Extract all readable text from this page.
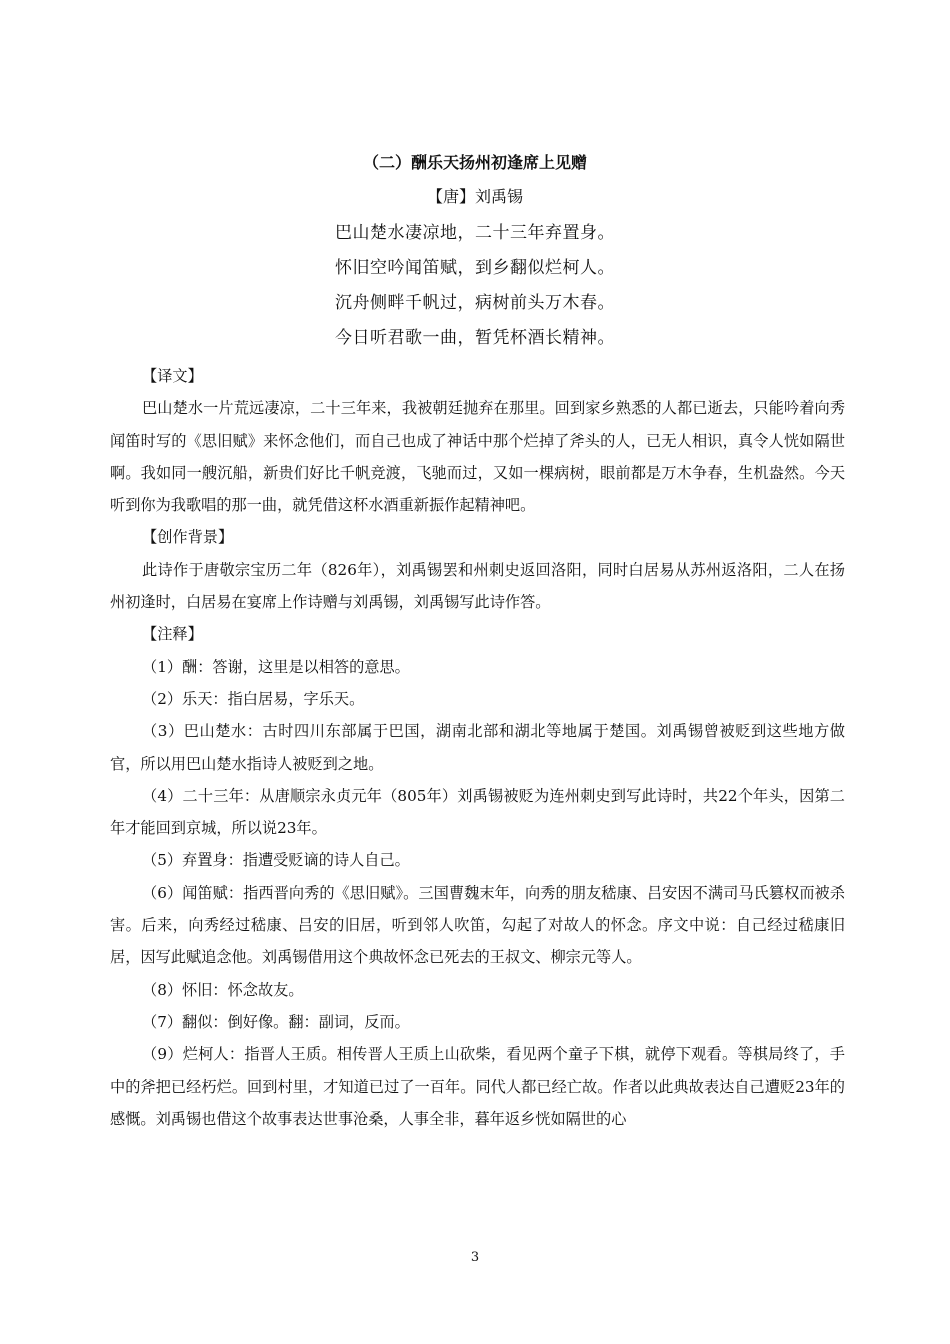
（二）酬乐天扬州初逢席上见赠
【唐】刘禹锡
巴山楚水凄凉地，二十三年弃置身。
怀旧空吟闻笛赋，到乡翻似烂柯人。
沉舟侧畔千帆过，病树前头万木春。
今日听君歌一曲，暂凭杯酒长精神。

【译文】

巴山楚水一片荒远凄凉，二十三年来，我被朝廷抛弃在那里。回到家乡熟悉的人都已逝去，只能吟着向秀闻笛时写的《思旧赋》来怀念他们，而自己也成了神话中那个烂掉了斧头的人，已无人相识，真令人恍如隔世啊。我如同一艘沉船，新贵们好比千帆竞渡，飞驰而过，又如一棵病树，眼前都是万木争春，生机盎然。今天听到你为我歌唱的那一曲，就凭借这杯水酒重新振作起精神吧。

【创作背景】

此诗作于唐敬宗宝历二年（826年），刘禹锡罢和州刺史返回洛阳，同时白居易从苏州返洛阳，二人在扬州初逢时，白居易在宴席上作诗赠与刘禹锡，刘禹锡写此诗作答。

【注释】

（1）酬：答谢，这里是以相答的意思。

（2）乐天：指白居易，字乐天。

（3）巴山楚水：古时四川东部属于巴国，湖南北部和湖北等地属于楚国。刘禹锡曾被贬到这些地方做官，所以用巴山楚水指诗人被贬到之地。

（4）二十三年：从唐顺宗永贞元年（805年）刘禹锡被贬为连州刺史到写此诗时，共22个年头，因第二年才能回到京城，所以说23年。

（5）弃置身：指遭受贬谪的诗人自己。

（6）闻笛赋：指西晋向秀的《思旧赋》。三国曹魏末年，向秀的朋友嵇康、吕安因不满司马氏篡权而被杀害。后来，向秀经过嵇康、吕安的旧居，听到邻人吹笛，勾起了对故人的怀念。序文中说：自己经过嵇康旧居，因写此赋追念他。刘禹锡借用这个典故怀念已死去的王叔文、柳宗元等人。

（8）怀旧：怀念故友。

（7）翻似：倒好像。翻：副词，反而。

（9）烂柯人：指晋人王质。相传晋人王质上山砍柴，看见两个童子下棋，就停下观看。等棋局终了，手中的斧把已经朽烂。回到村里，才知道已过了一百年。同代人都已经亡故。作者以此典故表达自己遭贬23年的感慨。刘禹锡也借这个故事表达世事沧桑，人事全非，暮年返乡恍如隔世的心

3
